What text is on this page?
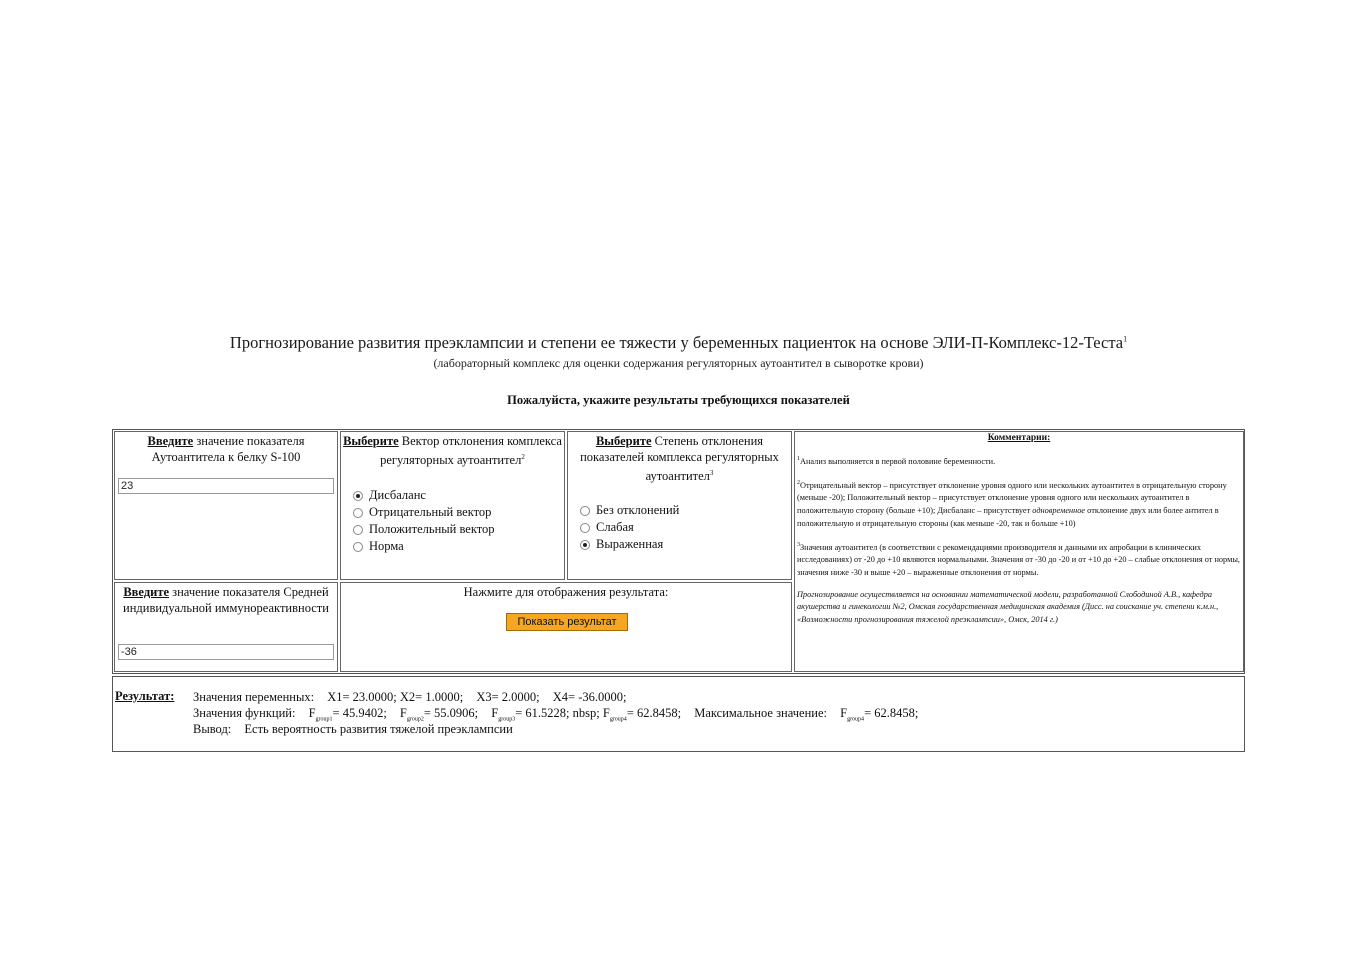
Прогнозирование развития преэклампсии и степени ее тяжести у беременных пациенток на основе ЭЛИ-П-Комплекс-12-Теста$^1$
(лабораторный комплекс для оценки содержания регуляторных аутоантител в сыворотке крови)
Пожалуйста, укажите результаты требующихся показателей
Введите значение показателя Аутоантитела к белку S-100
23
Выберите Вектор отклонения комплекса регуляторных аутоантител$^2$
Дисбаланс
Отрицательный вектор
Положительный вектор
Норма
Выберите Степень отклонения показателей комплекса регуляторных аутоантител$^3$
Без отклонений
Слабая
Выраженная
Комментарии:

$^1$Анализ выполняется в первой половине беременности.

$^2$Отрицательный вектор – присутствует отклонение уровня одного или нескольких аутоантител в отрицательную сторону (меньше -20); Положительный вектор – присутствует отклонение уровня одного или нескольких аутоантител в положительную сторону (больше +10); Дисбаланс – присутствует одновременное отклонение двух или более антител в положительную и отрицательную стороны (как меньше -20, так и больше +10)

$^3$Значения аутоантител (в соответствии с рекомендациями производителя и данными их апробации в клинических исследованиях) от -20 до +10 являются нормальными. Значения от -30 до -20 и от +10 до +20 – слабые отклонения от нормы, значения ниже -30 и выше +20 – выраженные отклонения от нормы.

Прогнозирование осуществляется на основании математической модели, разработанной Слободиной А.В., кафедра акушерства и гинекологии №2, Омская государственная медицинская академия (Дисс. на соискание уч. степени к.м.н., «Возможности прогнозирования тяжелой преэклампсии», Омск, 2014 г.)

Введите значение показателя Средней индивидуальной иммунореактивности
-36
Нажмите для отображения результата:
Показать результат
Результат: Значения переменных: X1= 23.0000; X2= 1.0000; X3= 2.0000; X4= -36.0000;
Значения функций: $F_{group1}= 45.9402$; $F_{group2}= 55.0906$; $F_{group3}= 61.5228$; nbsp; $F_{group4}= 62.8458$; Максимальное значение: $F_{group4}= 62.8458$;
Вывод: Есть вероятность развития тяжелой преэклампсии
